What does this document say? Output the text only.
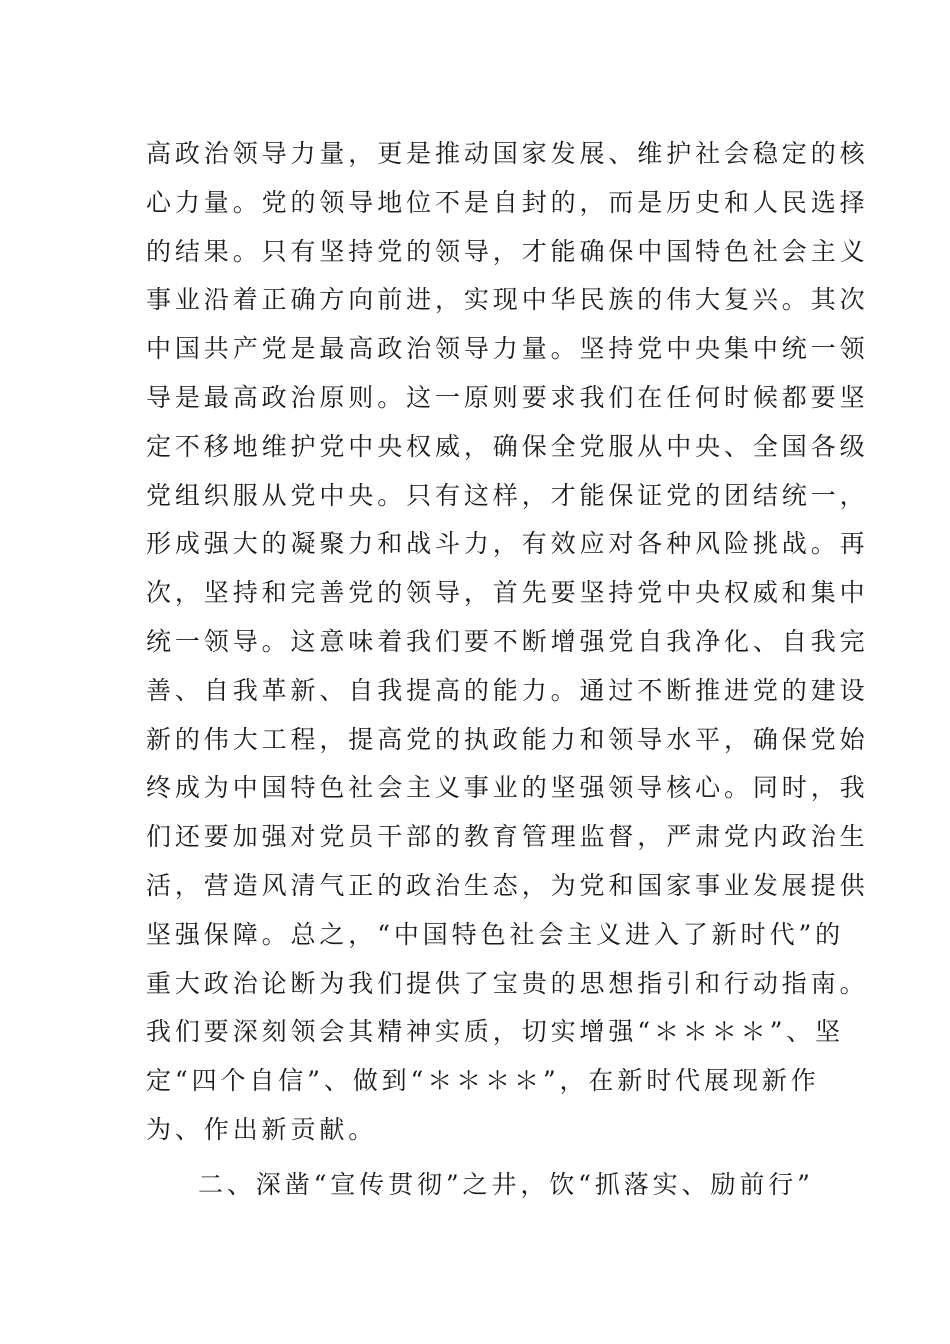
高政治领导力量，更是推动国家发展、维护社会稳定的核
心力量。党的领导地位不是自封的，而是历史和人民选择
的结果。只有坚持党的领导，才能确保中国特色社会主义
事业沿着正确方向前进，实现中华民族的伟大复兴。其次
中国共产党是最高政治领导力量。坚持党中央集中统一领
导是最高政治原则。这一原则要求我们在任何时候都要坚
定不移地维护党中央权威，确保全党服从中央、全国各级
党组织服从党中央。只有这样，才能保证党的团结统一，
形成强大的凝聚力和战斗力，有效应对各种风险挑战。再
次，坚持和完善党的领导，首先要坚持党中央权威和集中
统一领导。这意味着我们要不断增强党自我净化、自我完
善、自我革新、自我提高的能力。通过不断推进党的建设
新的伟大工程，提高党的执政能力和领导水平，确保党始
终成为中国特色社会主义事业的坚强领导核心。同时，我
们还要加强对党员干部的教育管理监督，严肃党内政治生
活，营造风清气正的政治生态，为党和国家事业发展提供
坚强保障。总之，“中国特色社会主义进入了新时代”的
重大政治论断为我们提供了宝贵的思想指引和行动指南。
我们要深刻领会其精神实质，切实增强“＊＊＊＊”、坚
定“四个自信”、做到“＊＊＊＊”，在新时代展现新作
为、作出新贡献。
二、深凿“宣传贯彻”之井，饮“抓落实、励前行”
